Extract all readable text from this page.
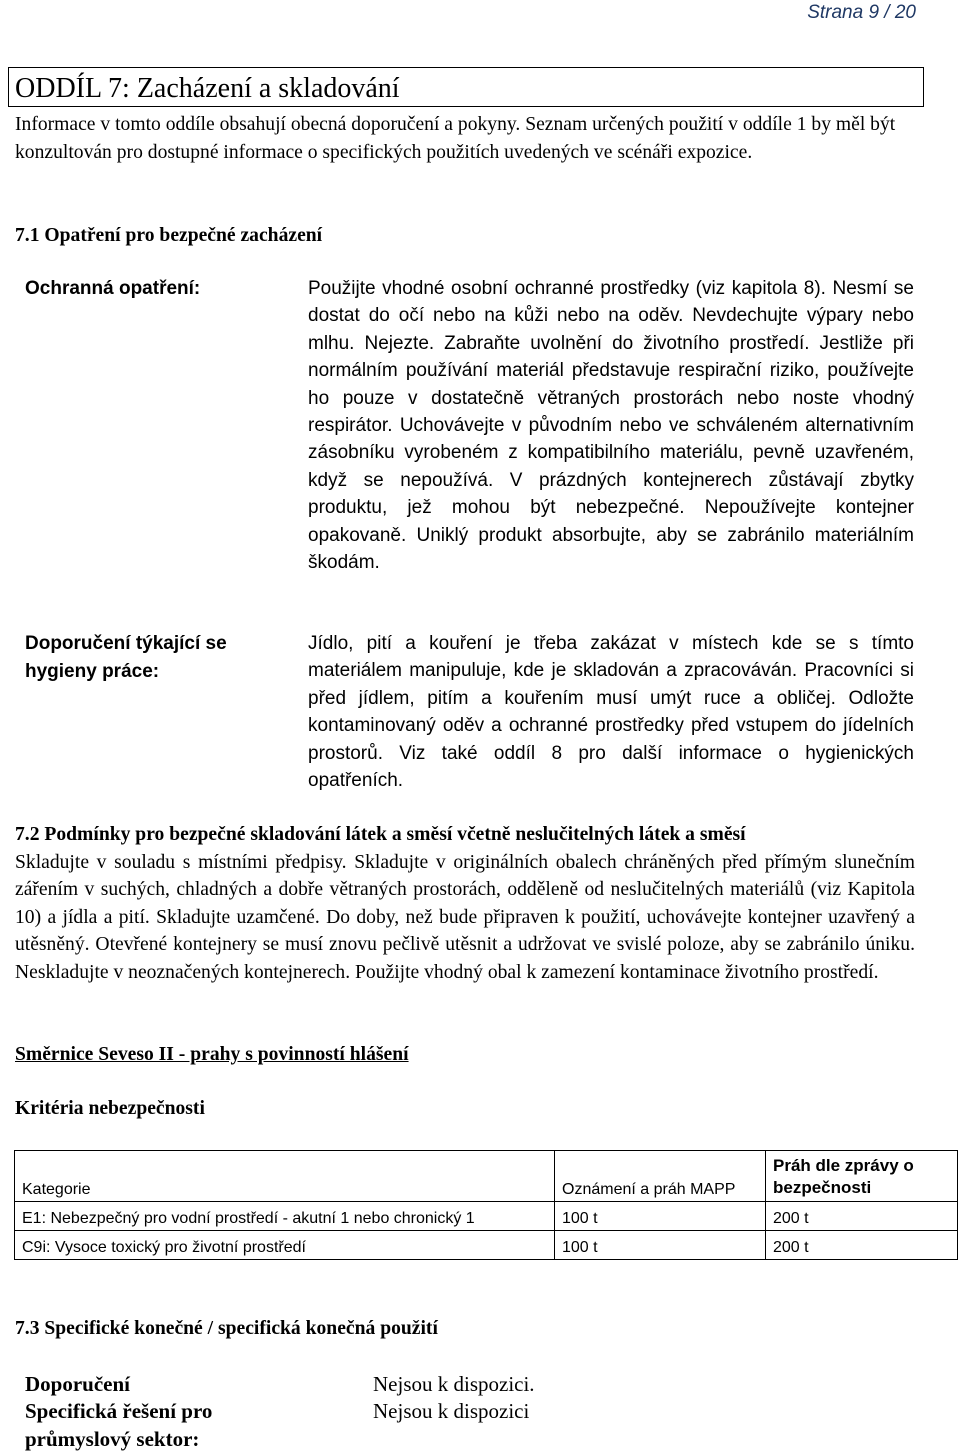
Strana 9 / 20
ODDÍL 7: Zacházení a skladování
Informace v tomto oddíle obsahují obecná doporučení a pokyny. Seznam určených použití v oddíle 1 by měl být konzultován pro dostupné informace o specifických použitích uvedených ve scénáři expozice.
7.1 Opatření pro bezpečné zacházení
Ochranná opatření:	Použijte vhodné osobní ochranné prostředky (viz kapitola 8). Nesmí se dostat do očí nebo na kůži nebo na oděv. Nevdechujte výpary nebo mlhu. Nejezte. Zabraňte uvolnění do životního prostředí. Jestliže při normálním používání materiál představuje respirační riziko, používejte ho pouze v dostatečně větraných prostorách nebo noste vhodný respirátor. Uchovávejte v původním nebo ve schváleném alternativním zásobníku vyrobeném z kompatibilního materiálu, pevně uzavřeném, když se nepoužívá. V prázdných kontejnerech zůstávají zbytky produktu, jež mohou být nebezpečné. Nepoužívejte kontejner opakovaně. Uniklý produkt absorbujte, aby se zabránilo materiálním škodám.
Doporučení týkající se hygieny práce:
Jídlo, pití a kouření je třeba zakázat v místech kde se s tímto materiálem manipuluje, kde je skladován a zpracováván. Pracovníci si před jídlem, pitím a kouřením musí umýt ruce a obličej. Odložte kontaminovaný oděv a ochranné prostředky před vstupem do jídelních prostorů. Viz také oddíl 8 pro další informace o hygienických opatřeních.
7.2 Podmínky pro bezpečné skladování látek a směsí včetně neslučitelných látek a směsí
Skladujte v souladu s místními předpisy. Skladujte v originálních obalech chráněných před přímým slunečním zářením v suchých, chladných a dobře větraných prostorách, odděleně od neslučitelných materiálů (viz Kapitola 10) a jídla a pití. Skladujte uzamčené. Do doby, než bude připraven k použití, uchovávejte kontejner uzavřený a utěsněný. Otevřené kontejnery se musí znovu pečlivě utěsnit a udržovat ve svislé poloze, aby se zabránilo úniku. Neskladujte v neoznačených kontejnerech. Použijte vhodný obal k zamezení kontaminace životního prostředí.
Směrnice Seveso II - prahy s povinností hlášení
Kritéria nebezpečnosti
Kategorie	Oznámení a práh MAPP	Práh dle zprávy o bezpečnosti
E1: Nebezpečný pro vodní prostředí - akutní 1 nebo chronický 1	100 t	200 t
C9i: Vysoce toxický pro životní prostředí	100 t	200 t
7.3 Specifické konečné / specifická konečná použití
Doporučení	Nejsou k dispozici.
Specifická řešení pro průmyslový sektor:
Nejsou k dispozici
